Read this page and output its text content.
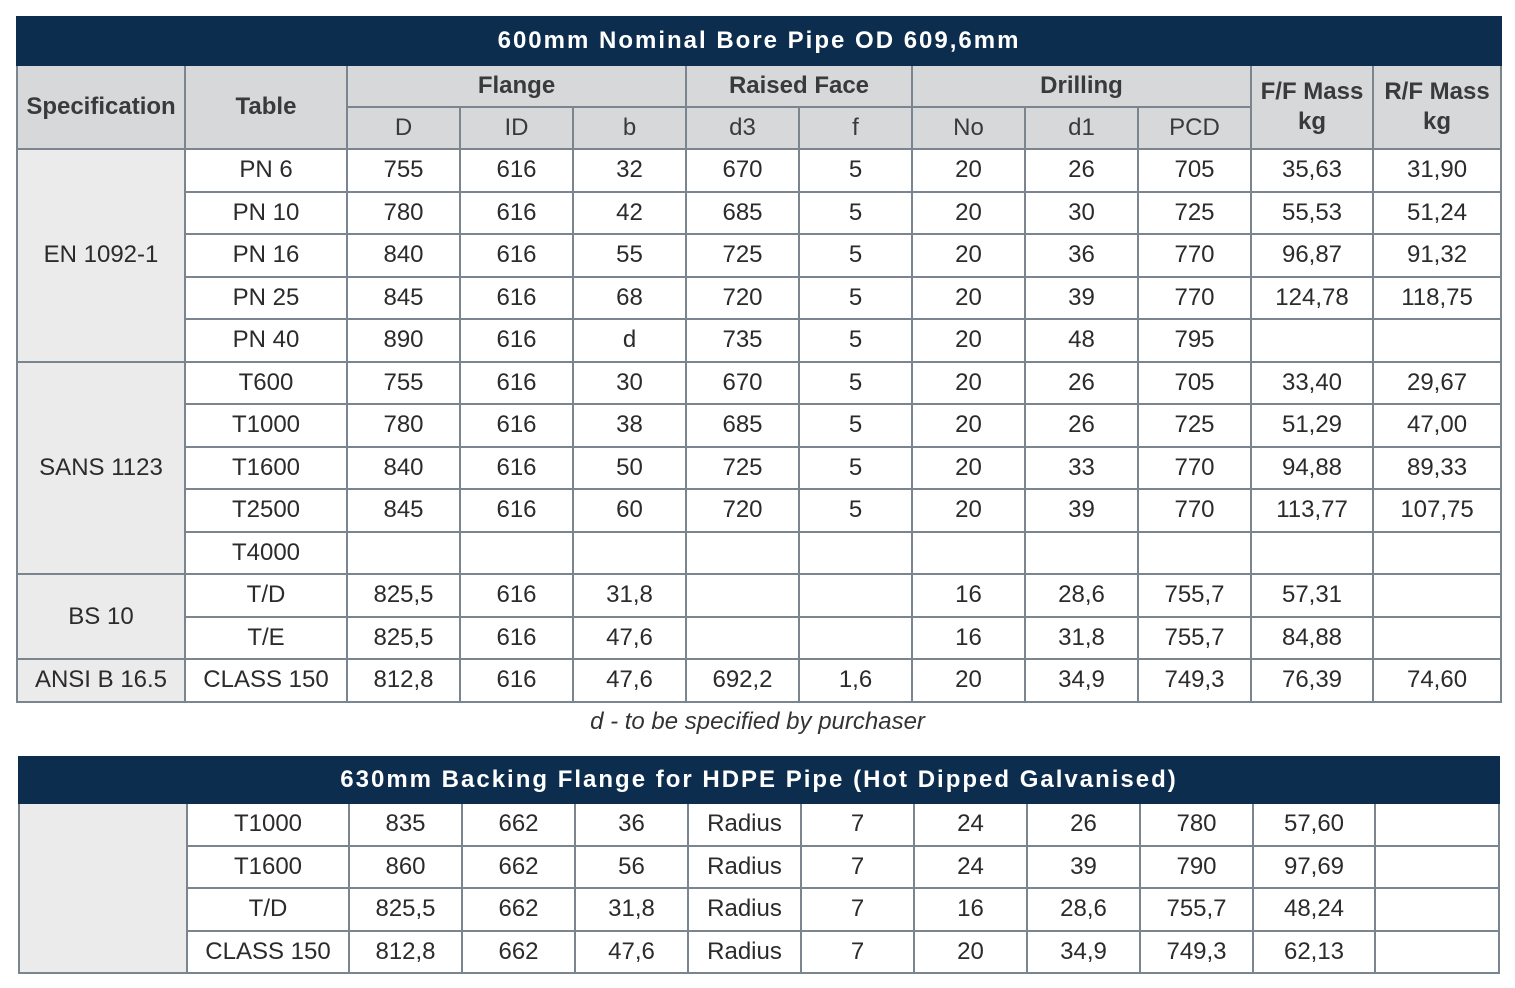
600mm Nominal Bore Pipe OD 609,6mm											
Specification	Table	Flange			Raised Face		Drilling			F/F Mass
kg	R/F Mass
kg
		D	ID	b	d3	f	No	d1	PCD		
EN 1092-1	PN 6	755	616	32	670	5	20	26	705	35,63	31,90
	PN 10	780	616	42	685	5	20	30	725	55,53	51,24
	PN 16	840	616	55	725	5	20	36	770	96,87	91,32
	PN 25	845	616	68	720	5	20	39	770	124,78	118,75
	PN 40	890	616	d	735	5	20	48	795		
SANS 1123	T600	755	616	30	670	5	20	26	705	33,40	29,67
	T1000	780	616	38	685	5	20	26	725	51,29	47,00
	T1600	840	616	50	725	5	20	33	770	94,88	89,33
	T2500	845	616	60	720	5	20	39	770	113,77	107,75
	T4000										
BS 10	T/D	825,5	616	31,8			16	28,6	755,7	57,31	
	T/E	825,5	616	47,6			16	31,8	755,7	84,88	
ANSI B 16.5	CLASS 150	812,8	616	47,6	692,2	1,6	20	34,9	749,3	76,39	74,60
d - to be specified by purchaser
630mm Backing Flange for HDPE Pipe (Hot Dipped Galvanised)											
	T1000	835	662	36	Radius	7	24	26	780	57,60	
	T1600	860	662	56	Radius	7	24	39	790	97,69	
	T/D	825,5	662	31,8	Radius	7	16	28,6	755,7	48,24	
	CLASS 150	812,8	662	47,6	Radius	7	20	34,9	749,3	62,13	
